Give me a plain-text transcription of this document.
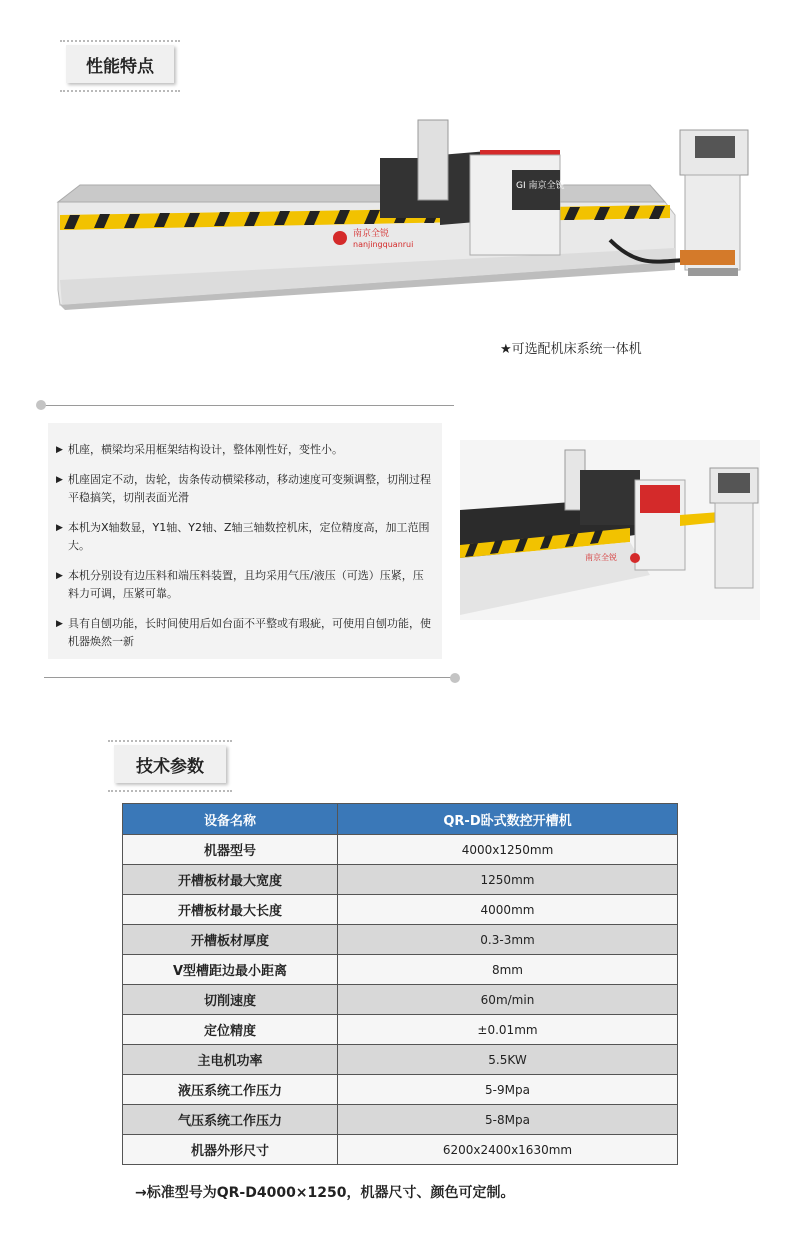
性能特点
GI 南京全锐
南京全锐
nanjingquanrui
★可选配机床系统一体机
▶ 机座，横梁均采用框架结构设计，整体刚性好，变性小。
▶ 机座固定不动，齿轮，齿条传动横梁移动，移动速度可变频调整，切削过程平稳搞笑，切削表面光滑
▶ 本机为X轴数显，Y1轴、Y2轴、Z轴三轴数控机床，定位精度高，加工范围大。
▶ 本机分别设有边压料和端压料装置，且均采用气压/液压（可选）压紧，压料力可调，压紧可靠。
▶ 具有自刨功能，长时间使用后如台面不平整或有瑕疵，可使用自刨功能，使机器焕然一新
南京全锐
技术参数
设备名称	QR-D卧式数控开槽机
机器型号	4000x1250mm
开槽板材最大宽度	1250mm
开槽板材最大长度	4000mm
开槽板材厚度	0.3-3mm
V型槽距边最小距离	8mm
切削速度	60m/min
定位精度	±0.01mm
主电机功率	5.5KW
液压系统工作压力	5-9Mpa
气压系统工作压力	5-8Mpa
机器外形尺寸	6200x2400x1630mm
→标准型号为QR-D4000×1250，机器尺寸、颜色可定制。
